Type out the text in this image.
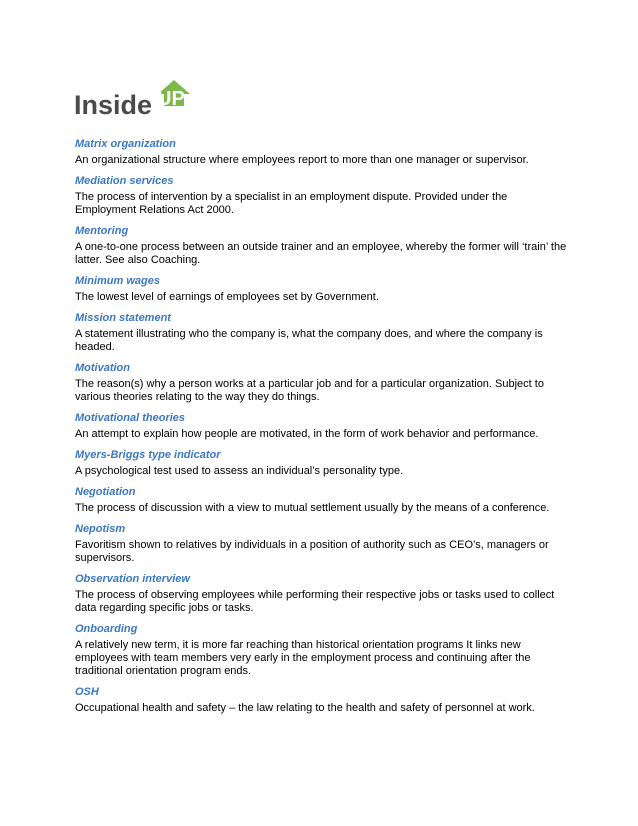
Inside UP
Matrix organization

An organizational structure where employees report to more than one manager or supervisor.

Mediation services

The process of intervention by a specialist in an employment dispute. Provided under the Employment Relations Act 2000.

Mentoring

A one-to-one process between an outside trainer and an employee, whereby the former will ‘train’ the latter. See also Coaching.

Minimum wages

The lowest level of earnings of employees set by Government.

Mission statement

A statement illustrating who the company is, what the company does, and where the company is headed.

Motivation

The reason(s) why a person works at a particular job and for a particular organization. Subject to various theories relating to the way they do things.

Motivational theories

An attempt to explain how people are motivated, in the form of work behavior and performance.

Myers-Briggs type indicator

A psychological test used to assess an individual’s personality type.

Negotiation

The process of discussion with a view to mutual settlement usually by the means of a conference.

Nepotism

Favoritism shown to relatives by individuals in a position of authority such as CEO’s, managers or supervisors.

Observation interview

The process of observing employees while performing their respective jobs or tasks used to collect data regarding specific jobs or tasks.

Onboarding

A relatively new term, it is more far reaching than historical orientation programs It links new employees with team members very early in the employment process and continuing after the traditional orientation program ends.

OSH

Occupational health and safety – the law relating to the health and safety of personnel at work.
